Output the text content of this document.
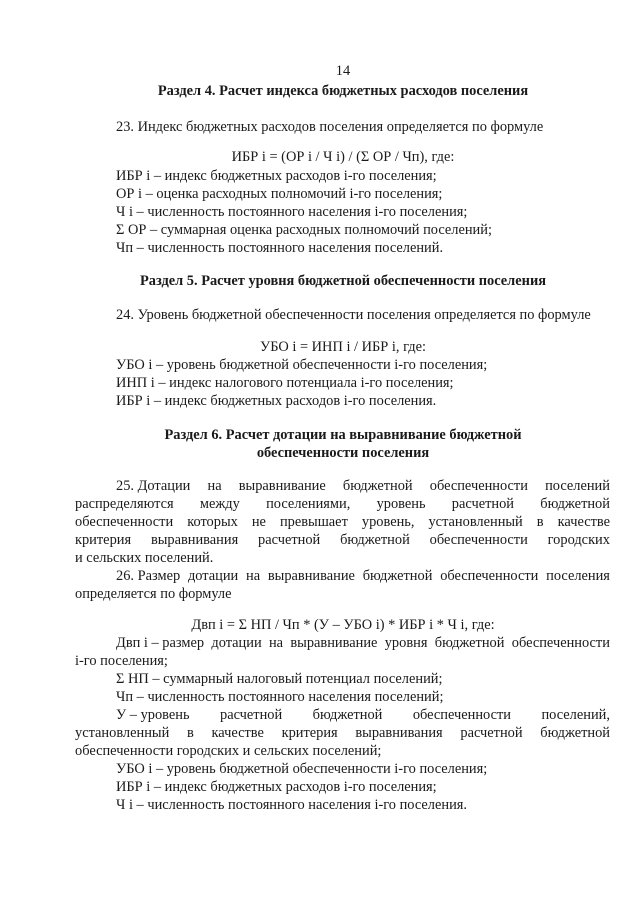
14
Раздел 4. Расчет индекса бюджетных расходов поселения
23. Индекс бюджетных расходов поселения определяется по формуле
ИБР i = (ОР i / Ч i) / (Σ ОР / Чп), где:
ИБР i – индекс бюджетных расходов i-го поселения;
ОР i – оценка расходных полномочий i-го поселения;
Ч i – численность постоянного населения i-го поселения;
Σ ОР – суммарная оценка расходных полномочий поселений;
Чп – численность постоянного населения поселений.
Раздел 5. Расчет уровня бюджетной обеспеченности поселения
24. Уровень бюджетной обеспеченности поселения определяется по формуле
УБО i = ИНП i / ИБР i, где:
УБО i – уровень бюджетной обеспеченности i-го поселения;
ИНП i – индекс налогового потенциала i-го поселения;
ИБР i – индекс бюджетных расходов i-го поселения.
Раздел 6. Расчет дотации на выравнивание бюджетной
обеспеченности поселения
25. Дотации на выравнивание бюджетной обеспеченности поселений
распределяются между поселениями, уровень расчетной бюджетной
обеспеченности которых не превышает уровень, установленный в качестве
критерия выравнивания расчетной бюджетной обеспеченности городских
и сельских поселений.
26. Размер дотации на выравнивание бюджетной обеспеченности поселения
определяется по формуле
Двп i = Σ НП / Чп * (У – УБО i) * ИБР i * Ч i, где:
Двп i – размер дотации на выравнивание уровня бюджетной обеспеченности
i-го поселения;
Σ НП – суммарный налоговый потенциал поселений;
Чп – численность постоянного населения поселений;
У – уровень расчетной бюджетной обеспеченности поселений,
установленный в качестве критерия выравнивания расчетной бюджетной
обеспеченности городских и сельских поселений;
УБО i – уровень бюджетной обеспеченности i-го поселения;
ИБР i – индекс бюджетных расходов i-го поселения;
Ч i – численность постоянного населения i-го поселения.
